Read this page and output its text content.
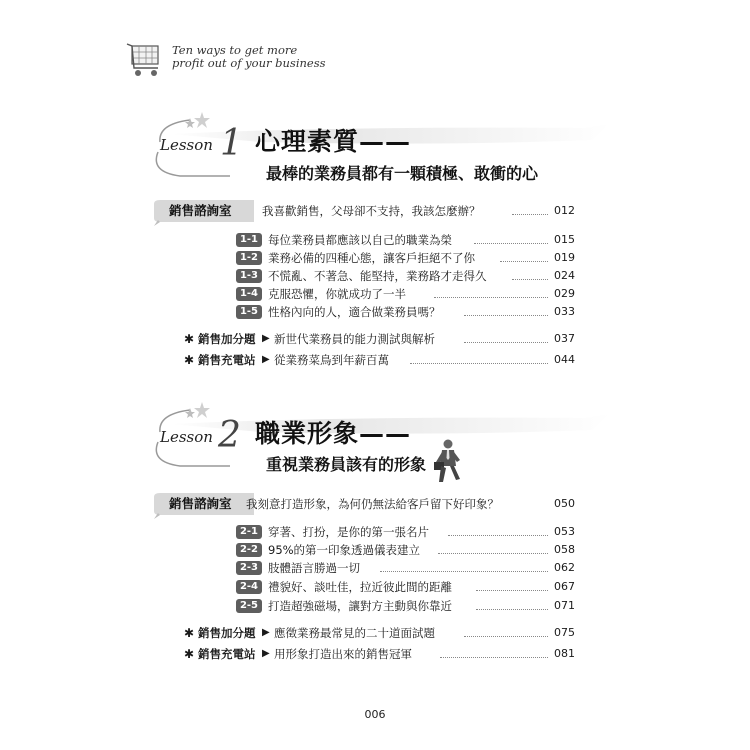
Ten ways to get more
profit out of your business
Lesson 1 心理素質——
最棒的業務員都有一顆積極、敢衝的心
銷售諮詢室	我喜歡銷售，父母卻不支持，我該怎麼辦？	012
1-1 每位業務員都應該以自己的職業為榮	015
1-2 業務必備的四種心態，讓客戶拒絕不了你	019
1-3 不慌亂、不著急、能堅持，業務路才走得久	024
1-4 克服恐懼，你就成功了一半	029
1-5 性格內向的人，適合做業務員嗎？	033
✱ 銷售加分題 ▶ 新世代業務員的能力測試與解析	037
✱ 銷售充電站 ▶ 從業務菜鳥到年薪百萬	044
Lesson 2 職業形象——
重視業務員該有的形象
銷售諮詢室	我刻意打造形象，為何仍無法給客戶留下好印象？	050
2-1 穿著、打扮，是你的第一張名片	053
2-2 95%的第一印象透過儀表建立	058
2-3 肢體語言勝過一切	062
2-4 禮貌好、談吐佳，拉近彼此間的距離	067
2-5 打造超強磁場，讓對方主動與你靠近	071
✱ 銷售加分題 ▶ 應徵業務最常見的二十道面試題	075
✱ 銷售充電站 ▶ 用形象打造出來的銷售冠軍	081
006
